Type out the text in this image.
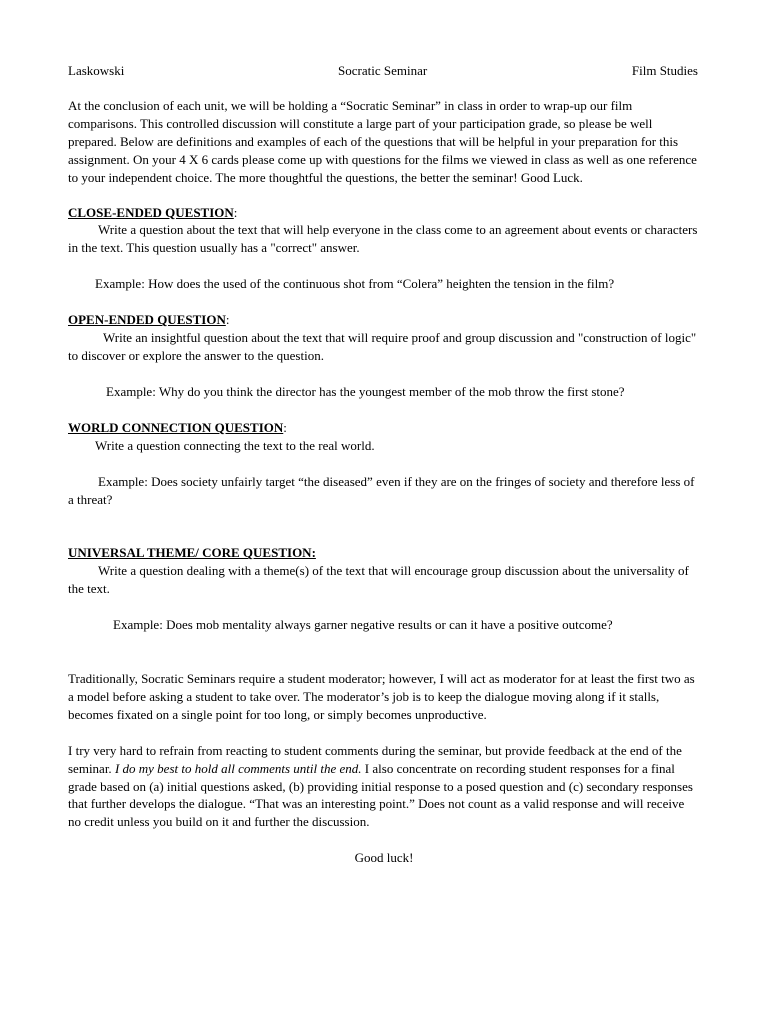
Laskowski	Socratic Seminar	Film Studies

At the conclusion of each unit, we will be holding a “Socratic Seminar” in class in order to wrap-up our film comparisons. This controlled discussion will constitute a large part of your participation grade, so please be well prepared. Below are definitions and examples of each of the questions that will be helpful in your preparation for this assignment. On your 4 X 6 cards please come up with questions for the films we viewed in class as well as one reference to your independent choice. The more thoughtful the questions, the better the seminar! Good Luck.

CLOSE-ENDED QUESTION:

Write a question about the text that will help everyone in the class come to an agreement about events or characters in the text. This question usually has a "correct" answer.

Example: How does the used of the continuous shot from “Colera” heighten the tension in the film?

OPEN-ENDED QUESTION:

Write an insightful question about the text that will require proof and group discussion and "construction of logic" to discover or explore the answer to the question.

Example: Why do you think the director has the youngest member of the mob throw the first stone?

WORLD CONNECTION QUESTION:

Write a question connecting the text to the real world.

Example: Does society unfairly target “the diseased” even if they are on the fringes of society and therefore less of a threat?

UNIVERSAL THEME/ CORE QUESTION:

Write a question dealing with a theme(s) of the text that will encourage group discussion about the universality of the text.

Example: Does mob mentality always garner negative results or can it have a positive outcome?

Traditionally, Socratic Seminars require a student moderator; however, I will act as moderator for at least the first two as a model before asking a student to take over. The moderator’s job is to keep the dialogue moving along if it stalls, becomes fixated on a single point for too long, or simply becomes unproductive.

I try very hard to refrain from reacting to student comments during the seminar, but provide feedback at the end of the seminar. I do my best to hold all comments until the end. I also concentrate on recording student responses for a final grade based on (a) initial questions asked, (b) providing initial response to a posed question and (c) secondary responses that further develops the dialogue. “That was an interesting point.” Does not count as a valid response and will receive no credit unless you build on it and further the discussion.

Good luck!
